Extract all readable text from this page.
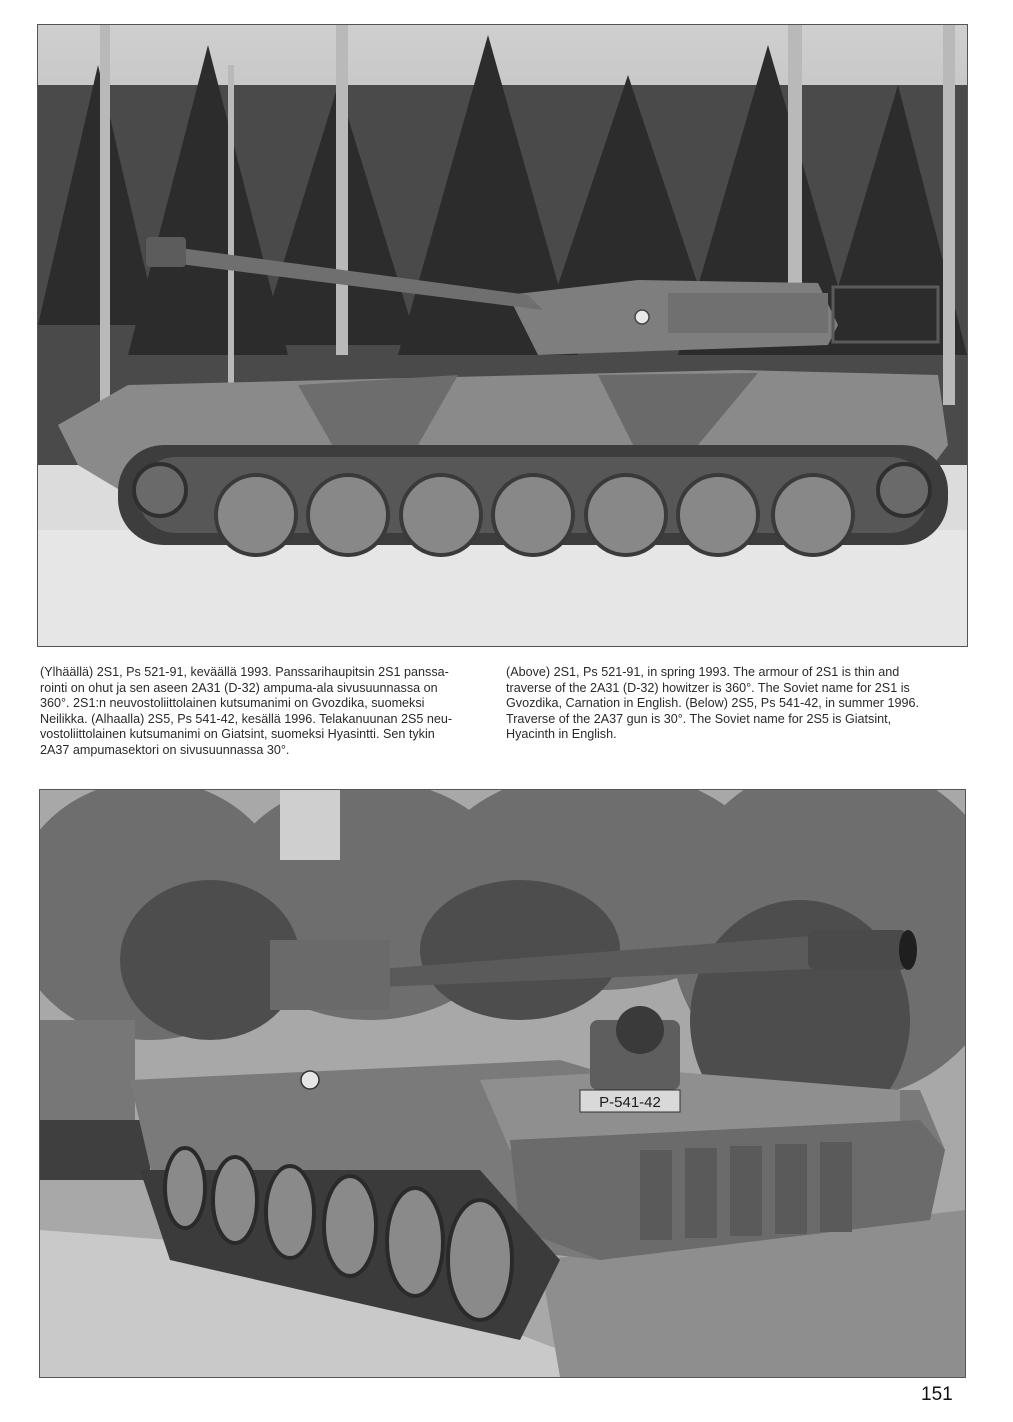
(Ylhäällä) 2S1, Ps 521-91, keväällä 1993. Panssarihaupitsin 2S1 panssa-
rointi on ohut ja sen aseen 2A31 (D-32) ampuma-ala sivusuunnassa on
360°. 2S1:n neuvostoliittolainen kutsumanimi on Gvozdika, suomeksi
Neilikka. (Alhaalla) 2S5, Ps 541-42, kesällä 1996. Telakanuunan 2S5 neu-
vostoliittolainen kutsumanimi on Giatsint, suomeksi Hyasintti. Sen tykin
2A37 ampumasektori on sivusuunnassa 30°.

(Above) 2S1, Ps 521-91, in spring 1993. The armour of 2S1 is thin and
traverse of the 2A31 (D-32) howitzer is 360°. The Soviet name for 2S1 is
Gvozdika, Carnation in English. (Below) 2S5, Ps 541-42, in summer 1996.
Traverse of the 2A37 gun is 30°. The Soviet name for 2S5 is Giatsint,
Hyacinth in English.

P-541-42
151
